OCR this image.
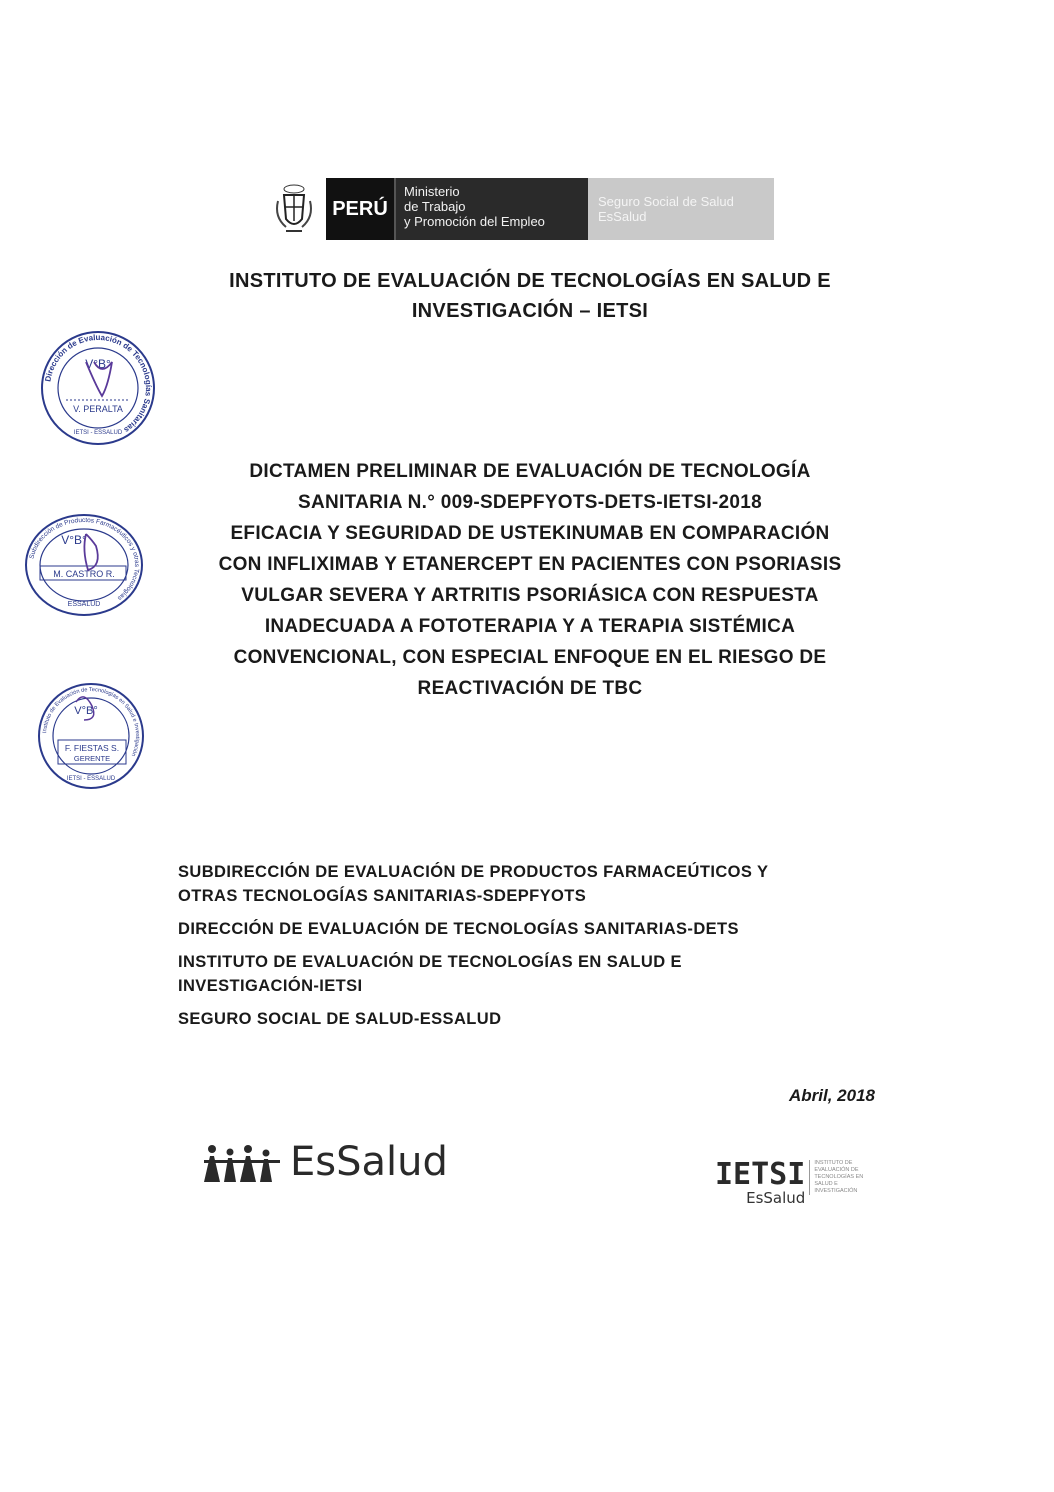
PERÚ
Ministerio
de Trabajo
y Promoción del Empleo
Seguro Social de Salud
EsSalud
INSTITUTO DE EVALUACIÓN DE TECNOLOGÍAS EN SALUD E
INVESTIGACIÓN – IETSI
Dirección de Evaluación de Tecnologías Sanitarias
V°B°
V. PERALTA
IETSI - ESSALUD
Subdirección de Productos Farmacéuticos y otras Tecnologías
V°B°
M. CASTRO R.
ESSALUD
Instituto de Evaluación de Tecnologías en Salud e Investigación
V°B°
F. FIESTAS S.
GERENTE
IETSI - ESSALUD
DICTAMEN PRELIMINAR DE EVALUACIÓN DE TECNOLOGÍA
SANITARIA N.° 009-SDEPFYOTS-DETS-IETSI-2018
EFICACIA Y SEGURIDAD DE USTEKINUMAB EN COMPARACIÓN
CON INFLIXIMAB Y ETANERCEPT EN PACIENTES CON PSORIASIS
VULGAR SEVERA Y ARTRITIS PSORIÁSICA CON RESPUESTA
INADECUADA A FOTOTERAPIA Y A TERAPIA SISTÉMICA
CONVENCIONAL, CON ESPECIAL ENFOQUE EN EL RIESGO DE
REACTIVACIÓN DE TBC

SUBDIRECCIÓN DE EVALUACIÓN DE PRODUCTOS FARMACEÚTICOS Y
OTRAS TECNOLOGÍAS SANITARIAS-SDEPFYOTS

DIRECCIÓN DE EVALUACIÓN DE TECNOLOGÍAS SANITARIAS-DETS

INSTITUTO DE EVALUACIÓN DE TECNOLOGÍAS EN SALUD E
INVESTIGACIÓN-IETSI

SEGURO SOCIAL DE SALUD-ESSALUD

Abril, 2018
EsSalud	IETSI
EsSalud
INSTITUTO DE EVALUACIÓN DE TECNOLOGÍAS EN SALUD E INVESTIGACIÓN
